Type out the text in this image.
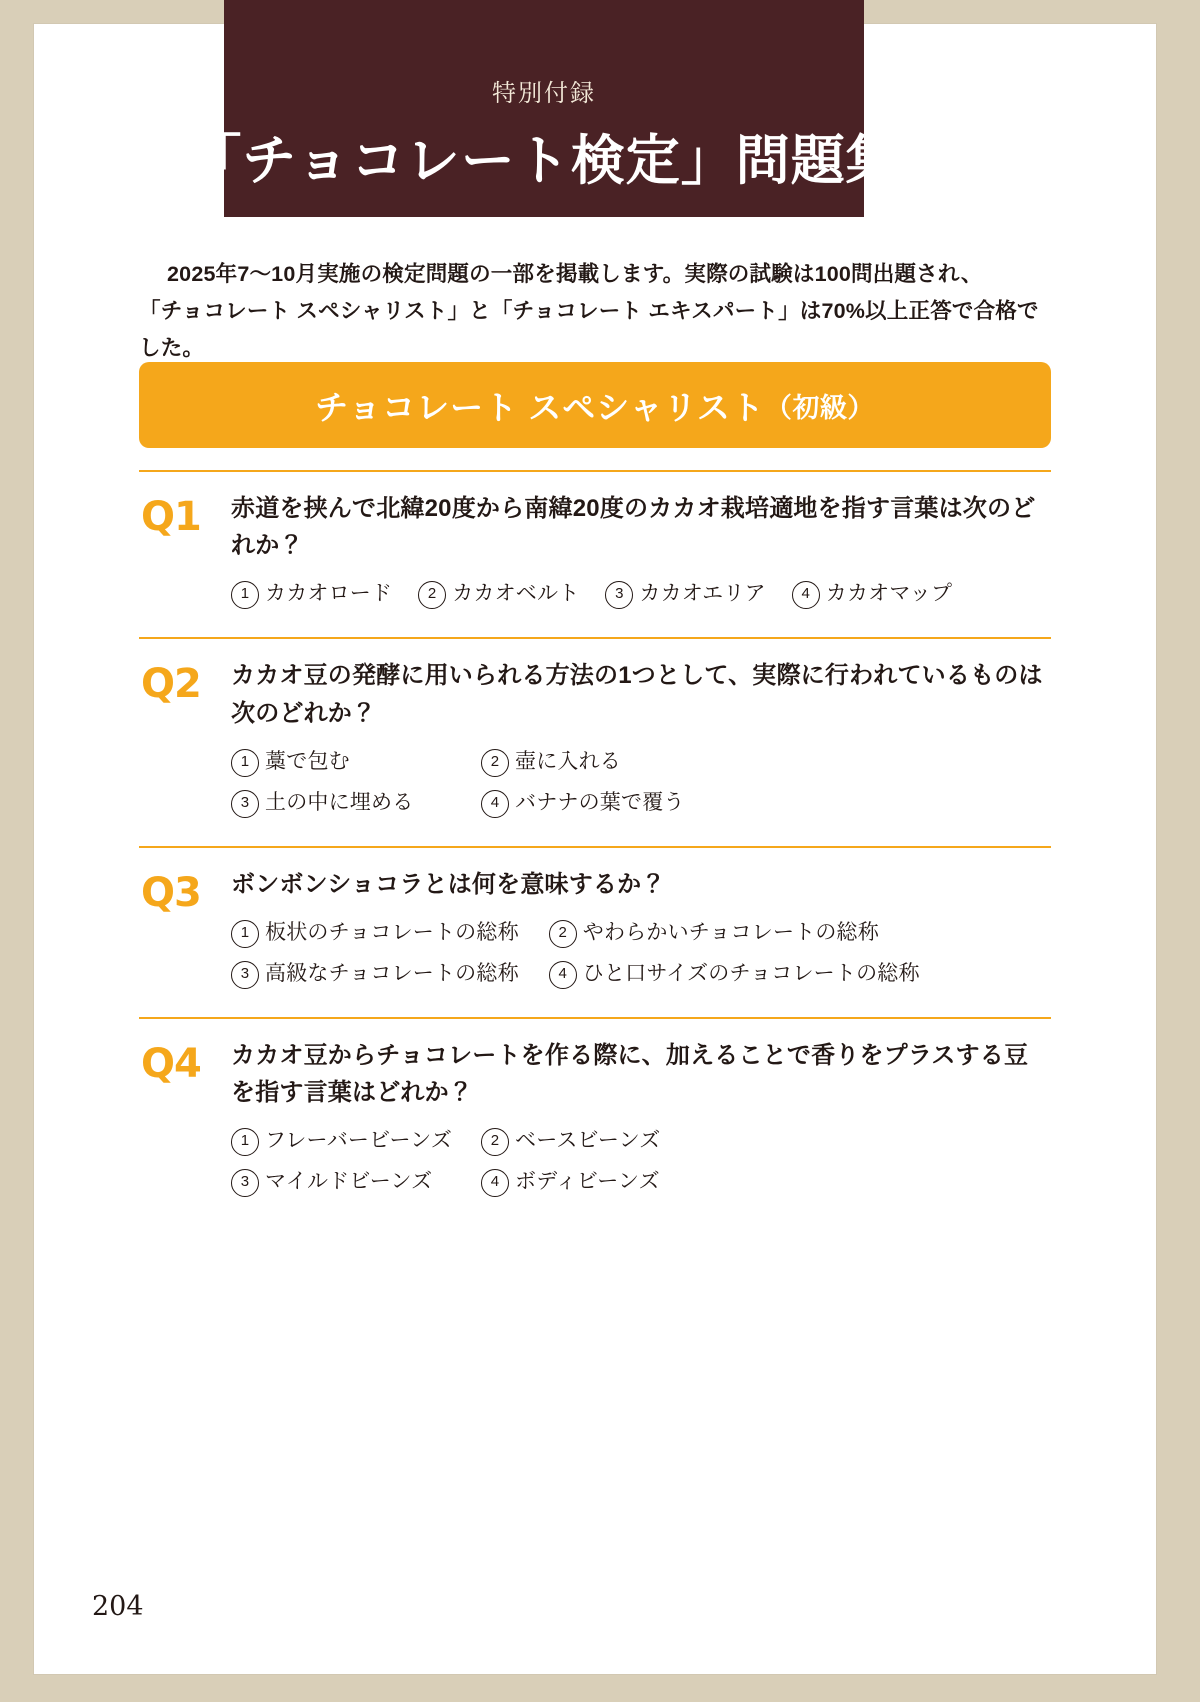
特別付録
「チョコレート検定」問題集
2025年7〜10月実施の検定問題の一部を掲載します。実際の試験は100問出題され、
「チョコレート スペシャリスト」と「チョコレート エキスパート」は70%以上正答で合格でした。
チョコレート スペシャリスト （初級）
Q1	赤道を挟んで北緯20度から南緯20度のカカオ栽培適地を指す言葉は次のどれか？
1 カカオロード 2 カカオベルト 3 カカオエリア 4 カカオマップ
Q2	カカオ豆の発酵に用いられる方法の1つとして、実際に行われているものは次のどれか？
1 藁で包む	2 壺に入れる
3 土の中に埋める	4 バナナの葉で覆う
Q3	ボンボンショコラとは何を意味するか？
1 板状のチョコレートの総称	2 やわらかいチョコレートの総称
3 高級なチョコレートの総称	4 ひと口サイズのチョコレートの総称
Q4	カカオ豆からチョコレートを作る際に、加えることで香りをプラスする豆を指す言葉はどれか？
1 フレーバービーンズ	2 ベースビーンズ
3 マイルドビーンズ	4 ボディビーンズ
204
